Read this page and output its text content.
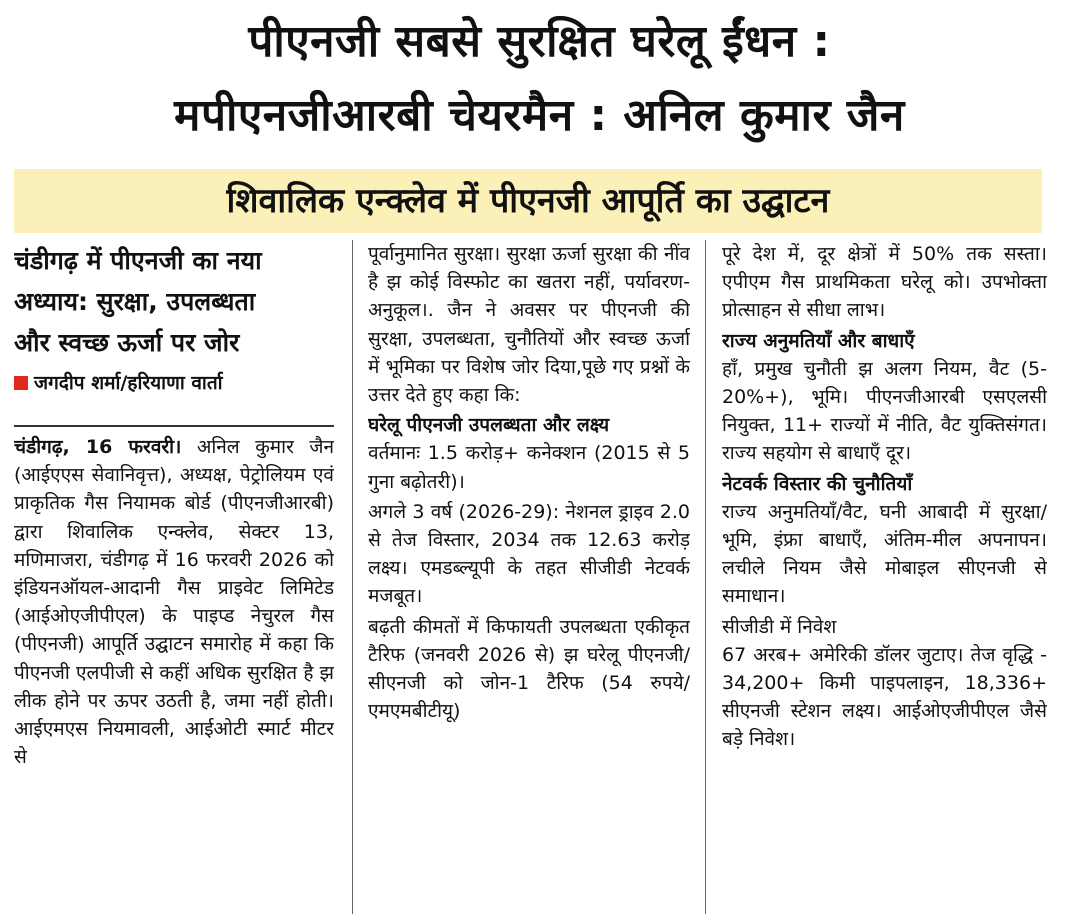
पीएनजी सबसे सुरक्षित घरेलू ईंधन :
मपीएनजीआरबी चेयरमैन : अनिल कुमार जैन
शिवालिक एन्क्लेव में पीएनजी आपूर्ति का उद्घाटन
चंडीगढ़ में पीएनजी का नया
अध्याय: सुरक्षा, उपलब्धता
और स्वच्छ ऊर्जा पर जोर
जगदीप शर्मा/हरियाणा वार्ता

चंडीगढ़, 16 फरवरी। अनिल कुमार जैन (आईएएस सेवानिवृत्त), अध्यक्ष, पेट्रोलियम एवं प्राकृतिक गैस नियामक बोर्ड (पीएनजीआरबी) द्वारा शिवालिक एन्क्लेव, सेक्टर 13, मणिमाजरा, चंडीगढ़ में 16 फरवरी 2026 को इंडियनऑयल-आदानी गैस प्राइवेट लिमिटेड (आईओएजीपीएल) के पाइप्ड नेचुरल गैस (पीएनजी) आपूर्ति उद्घाटन समारोह में कहा कि पीएनजी एलपीजी से कहीं अधिक सुरक्षित है झ लीक होने पर ऊपर उठती है, जमा नहीं होती। आईएमएस नियमावली, आईओटी स्मार्ट मीटर से

पूर्वानुमानित सुरक्षा। सुरक्षा ऊर्जा सुरक्षा की नींव है झ कोई विस्फोट का खतरा नहीं, पर्यावरण-अनुकूल।. जैन ने अवसर पर पीएनजी की सुरक्षा, उपलब्धता, चुनौतियों और स्वच्छ ऊर्जा में भूमिका पर विशेष जोर दिया,पूछे गए प्रश्नों के उत्तर देते हुए कहा कि:

घरेलू पीएनजी उपलब्धता और लक्ष्य

वर्तमानः 1.5 करोड़+ कनेक्शन (2015 से 5 गुना बढ़ोतरी)।

अगले 3 वर्ष (2026-29): नेशनल ड्राइव 2.0 से तेज विस्तार, 2034 तक 12.63 करोड़ लक्ष्य। एमडब्ल्यूपी के तहत सीजीडी नेटवर्क मजबूत।

बढ़ती कीमतों में किफायती उपलब्धता एकीकृत टैरिफ (जनवरी 2026 से) झ घरेलू पीएनजी/सीएनजी को जोन-1 टैरिफ (54 रुपये/एमएमबीटीयू)

पूरे देश में, दूर क्षेत्रों में 50% तक सस्ता। एपीएम गैस प्राथमिकता घरेलू को। उपभोक्ता प्रोत्साहन से सीधा लाभ।

राज्य अनुमतियाँ और बाधाएँ

हाँ, प्रमुख चुनौती झ अलग नियम, वैट (5-20%+), भूमि। पीएनजीआरबी एसएलसी नियुक्त, 11+ राज्यों में नीति, वैट युक्तिसंगत। राज्य सहयोग से बाधाएँ दूर।

नेटवर्क विस्तार की चुनौतियाँ

राज्य अनुमतियाँ/वैट, घनी आबादी में सुरक्षा/भूमि, इंफ्रा बाधाएँ, अंतिम-मील अपनापन। लचीले नियम जैसे मोबाइल सीएनजी से समाधान।

सीजीडी में निवेश

67 अरब+ अमेरिकी डॉलर जुटाए। तेज वृद्धि - 34,200+ किमी पाइपलाइन, 18,336+ सीएनजी स्टेशन लक्ष्य। आईओएजीपीएल जैसे बड़े निवेश।
